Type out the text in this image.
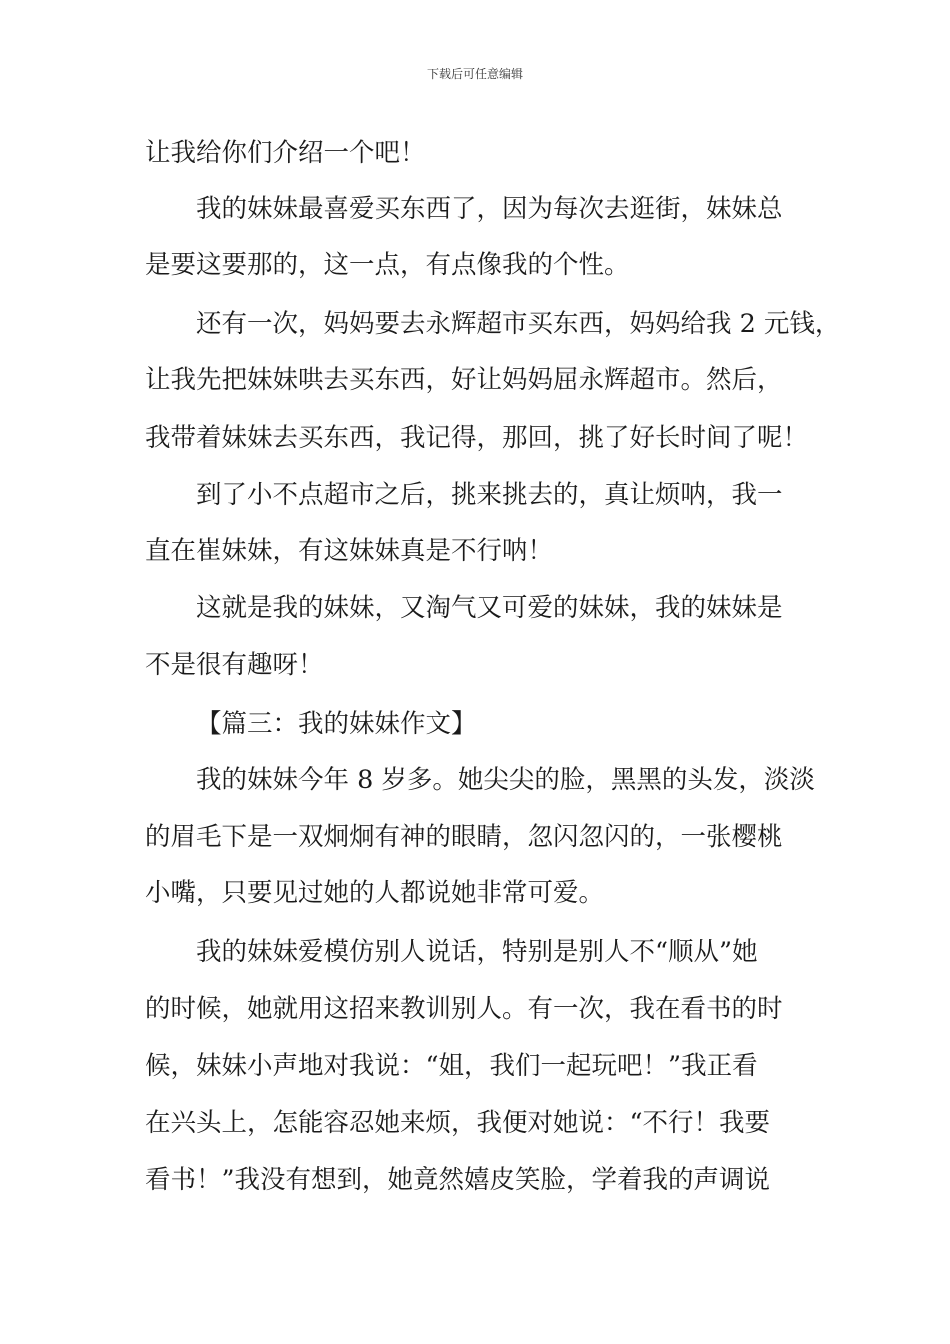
下载后可任意编辑
让我给你们介绍一个吧！
我的妹妹最喜爱买东西了，因为每次去逛街，妹妹总
是要这要那的，这一点，有点像我的个性。
还有一次，妈妈要去永辉超市买东西，妈妈给我 2 元钱，
让我先把妹妹哄去买东西，好让妈妈屈永辉超市。然后，
我带着妹妹去买东西，我记得，那回，挑了好长时间了呢！
到了小不点超市之后，挑来挑去的，真让烦呐，我一
直在崔妹妹，有这妹妹真是不行呐！
这就是我的妹妹，又淘气又可爱的妹妹，我的妹妹是
不是很有趣呀！
【篇三：我的妹妹作文】
我的妹妹今年 8 岁多。她尖尖的脸，黑黑的头发，淡淡
的眉毛下是一双炯炯有神的眼睛，忽闪忽闪的，一张樱桃
小嘴，只要见过她的人都说她非常可爱。
我的妹妹爱模仿别人说话，特别是别人不“顺从”她
的时候，她就用这招来教训别人。有一次，我在看书的时
候，妹妹小声地对我说：“姐，我们一起玩吧！”我正看
在兴头上，怎能容忍她来烦，我便对她说：“不行！我要
看书！”我没有想到，她竟然嬉皮笑脸，学着我的声调说
